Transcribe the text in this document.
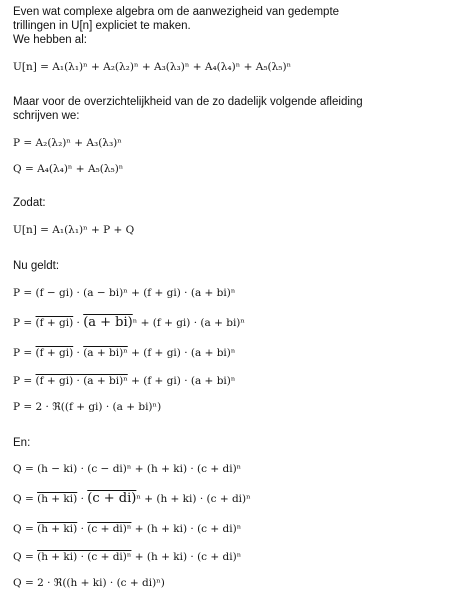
Even wat complexe algebra om de aanwezigheid van gedempte
trillingen in U[n] expliciet te maken.
We hebben al:
U[n] = A₁(λ₁)ⁿ + A₂(λ₂)ⁿ + A₃(λ₃)ⁿ + A₄(λ₄)ⁿ + A₅(λ₅)ⁿ
Maar voor de overzichtelijkheid van de zo dadelijk volgende afleiding
schrijven we:
P = A₂(λ₂)ⁿ + A₃(λ₃)ⁿ
Q = A₄(λ₄)ⁿ + A₅(λ₅)ⁿ
Zodat:
U[n] = A₁(λ₁)ⁿ + P + Q
Nu geldt:
P = (f − gi) · (a − bi)ⁿ + (f + gi) · (a + bi)ⁿ
P = (f + gi) · (a + bi)ⁿ + (f + gi) · (a + bi)ⁿ
P = (f + gi) · (a + bi)ⁿ + (f + gi) · (a + bi)ⁿ
P = (f + gi) · (a + bi)ⁿ + (f + gi) · (a + bi)ⁿ
P = 2 · ℜ((f + gi) · (a + bi)ⁿ)
En:
Q = (h − ki) · (c − di)ⁿ + (h + ki) · (c + di)ⁿ
Q = (h + ki) · (c + di)ⁿ + (h + ki) · (c + di)ⁿ
Q = (h + ki) · (c + di)ⁿ + (h + ki) · (c + di)ⁿ
Q = (h + ki) · (c + di)ⁿ + (h + ki) · (c + di)ⁿ
Q = 2 · ℜ((h + ki) · (c + di)ⁿ)
